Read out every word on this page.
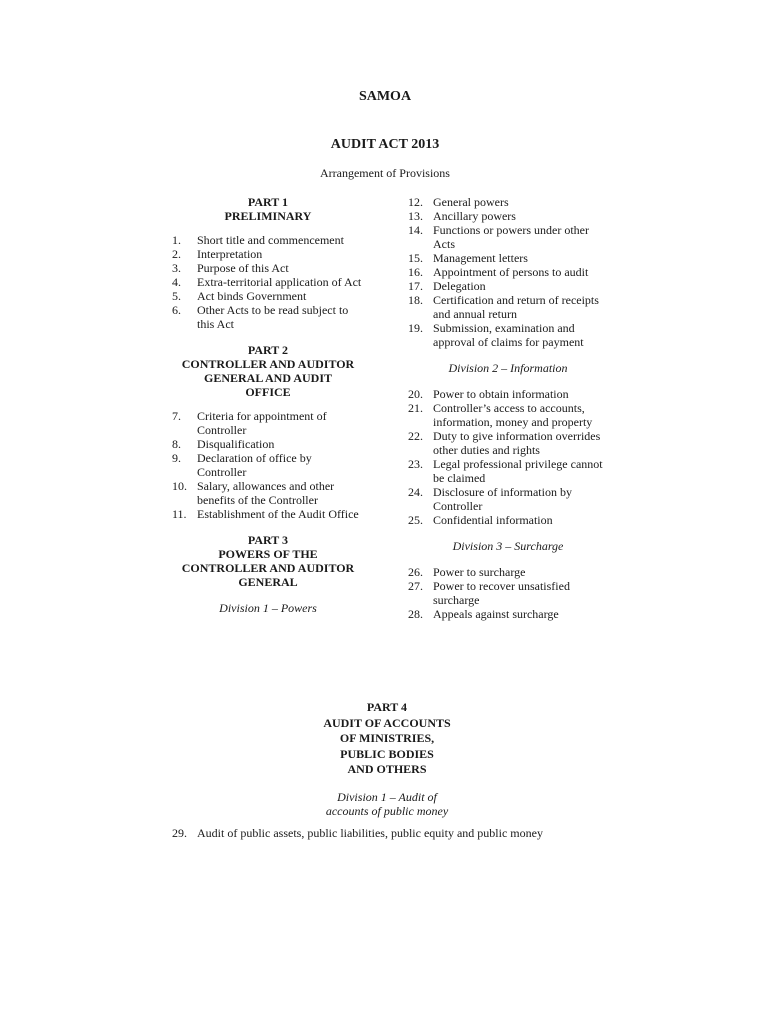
SAMOA
AUDIT ACT 2013
Arrangement of Provisions
PART 1
PRELIMINARY
1.	Short title and commencement
2.	Interpretation
3.	Purpose of this Act
4.	Extra-territorial application of Act
5.	Act binds Government
6.	Other Acts to be read subject to this Act
PART 2
CONTROLLER AND AUDITOR
GENERAL AND AUDIT
OFFICE
7.	Criteria for appointment of Controller
8.	Disqualification
9.	Declaration of office by Controller
10. Salary, allowances and other benefits of the Controller
11. Establishment of the Audit Office
PART 3
POWERS OF THE
CONTROLLER AND AUDITOR
GENERAL
Division 1 – Powers
12. General powers
13. Ancillary powers
14. Functions or powers under other Acts
15. Management letters
16. Appointment of persons to audit
17. Delegation
18. Certification and return of receipts and annual return
19. Submission, examination and approval of claims for payment
Division 2 – Information
20. Power to obtain information
21. Controller’s access to accounts, information, money and property
22. Duty to give information overrides other duties and rights
23. Legal professional privilege cannot be claimed
24. Disclosure of information by Controller
25. Confidential information
Division 3 – Surcharge
26. Power to surcharge
27. Power to recover unsatisfied surcharge
28. Appeals against surcharge
PART 4
AUDIT OF ACCOUNTS
OF MINISTRIES,
PUBLIC BODIES
AND OTHERS
Division 1 – Audit of
accounts of public money
29. Audit of public assets, public liabilities, public equity and public money
